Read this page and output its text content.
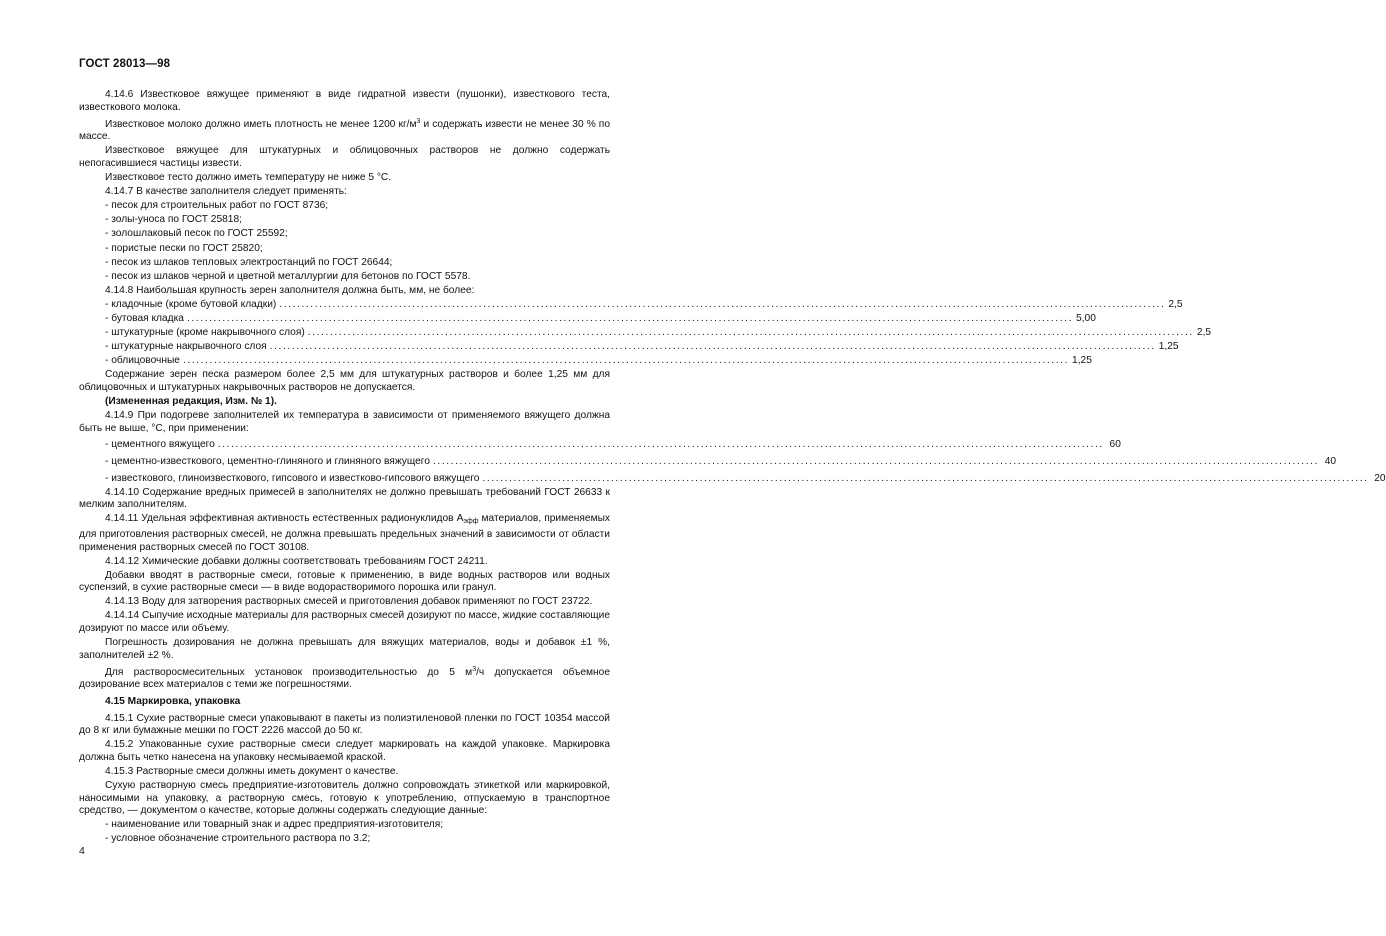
ГОСТ 28013—98

4.14.6 Известковое вяжущее применяют в виде гидратной извести (пушонки), известкового теста, известкового молока.

Известковое молоко должно иметь плотность не менее 1200 $кг/м^3$ и содержать извести не менее 30 % по массе.

Известковое вяжущее для штукатурных и облицовочных растворов не должно содержать непогасившиеся частицы извести.

Известковое тесто должно иметь температуру не ниже 5 °С.

4.14.7 В качестве заполнителя следует применять:

- песок для строительных работ по ГОСТ 8736;
- золы-уноса по ГОСТ 25818;
- золошлаковый песок по ГОСТ 25592;
- пористые пески по ГОСТ 25820;
- песок из шлаков тепловых электростанций по ГОСТ 26644;
- песок из шлаков черной и цветной металлургии для бетонов по ГОСТ 5578.

4.14.8 Наибольшая крупность зерен заполнителя должна быть, мм, не более:

- кладочные (кроме бутовой кладки) ........................................................................................................................................................................................................ 2,5
- бутовая кладка ........................................................................................................................................................................................................ 5,00
- штукатурные (кроме накрывочного слоя) ........................................................................................................................................................................................................ 2,5
- штукатурные накрывочного слоя ........................................................................................................................................................................................................ 1,25
- облицовочные ........................................................................................................................................................................................................ 1,25

Содержание зерен песка размером более 2,5 мм для штукатурных растворов и более 1,25 мм для облицовочных и штукатурных накрывочных растворов не допускается.

(Измененная редакция, Изм. № 1).

4.14.9 При подогреве заполнителей их температура в зависимости от применяемого вяжущего должна быть не выше, °С, при применении:

- цементного вяжущего ........................................................................................................................................................................................................ 60
- цементно-известкового, цементно-глиняного и глиняного вяжущего ........................................................................................................................................................................................................ 40
- известкового, глиноизвесткового, гипсового и известково-гипсового вяжущего ........................................................................................................................................................................................................ 20

4.14.10 Содержание вредных примесей в заполнителях не должно превышать требований ГОСТ 26633 к мелким заполнителям.

4.14.11 Удельная эффективная активность естественных радионуклидов $А_{эфф}$ материалов, применяемых для приготовления растворных смесей, не должна превышать предельных значений в зависимости от области применения растворных смесей по ГОСТ 30108.

4.14.12 Химические добавки должны соответствовать требованиям ГОСТ 24211.

Добавки вводят в растворные смеси, готовые к применению, в виде водных растворов или водных суспензий, в сухие растворные смеси — в виде водорастворимого порошка или гранул.

4.14.13 Воду для затворения растворных смесей и приготовления добавок применяют по ГОСТ 23722.

4.14.14 Сыпучие исходные материалы для растворных смесей дозируют по массе, жидкие составляющие дозируют по массе или объему.

Погрешность дозирования не должна превышать для вяжущих материалов, воды и добавок ±1 %, заполнителей ±2 %.

Для растворосмесительных установок производительностью до 5 $м^3/ч$ допускается объемное дозирование всех материалов с теми же погрешностями.

4.15 Маркировка, упаковка

4.15.1 Сухие растворные смеси упаковывают в пакеты из полиэтиленовой пленки по ГОСТ 10354 массой до 8 кг или бумажные мешки по ГОСТ 2226 массой до 50 кг.

4.15.2 Упакованные сухие растворные смеси следует маркировать на каждой упаковке. Маркировка должна быть четко нанесена на упаковку несмываемой краской.

4.15.3 Растворные смеси должны иметь документ о качестве.

Сухую растворную смесь предприятие-изготовитель должно сопровождать этикеткой или маркировкой, наносимыми на упаковку, а растворную смесь, готовую к употреблению, отпускаемую в транспортное средство, — документом о качестве, которые должны содержать следующие данные:

- наименование или товарный знак и адрес предприятия-изготовителя;
- условное обозначение строительного раствора по 3.2;
4
